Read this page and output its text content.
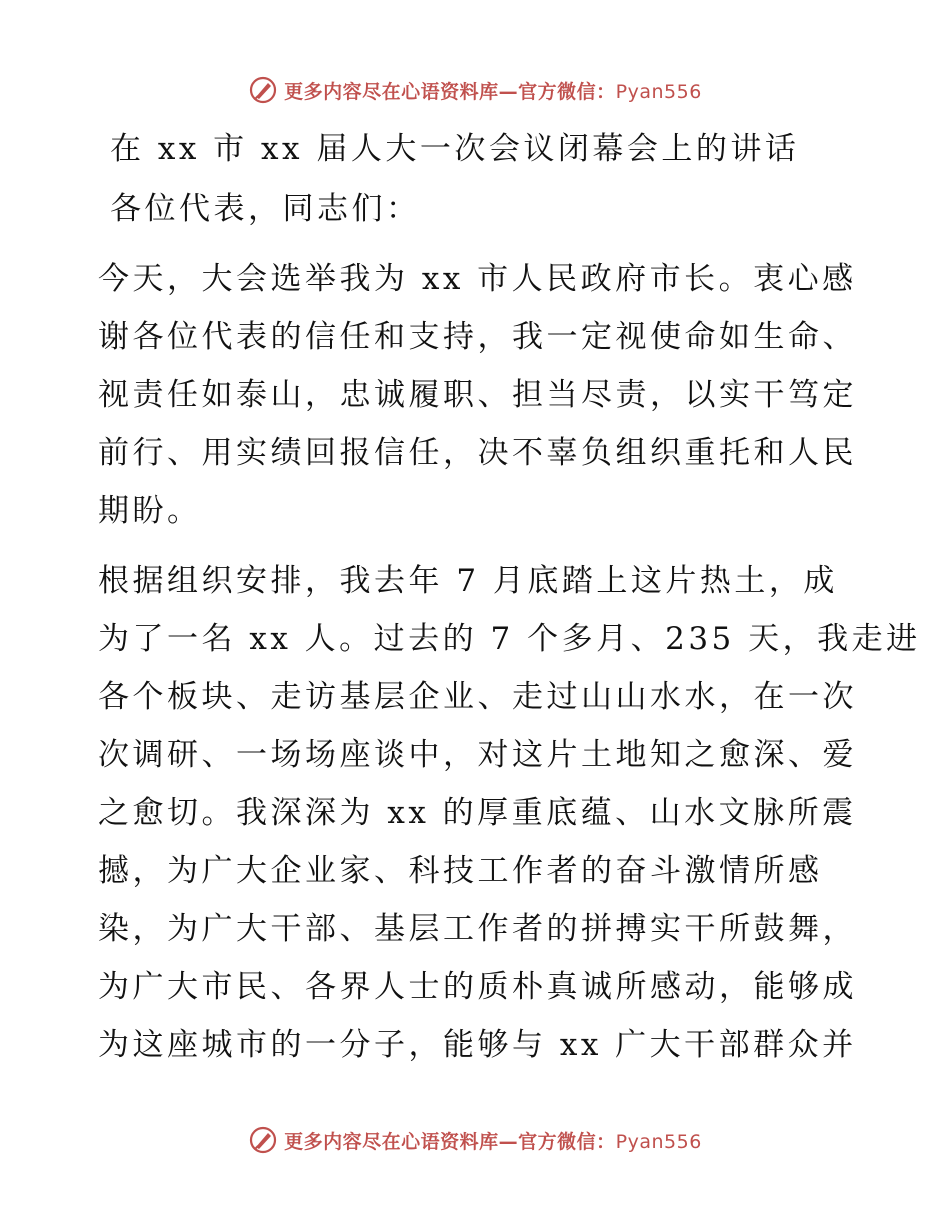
更多内容尽在心语资料库—官方微信：Pyan556
在 xx 市 xx 届人大一次会议闭幕会上的讲话
各位代表，同志们：
今天，大会选举我为 xx 市人民政府市长。衷心感
谢各位代表的信任和支持，我一定视使命如生命、
视责任如泰山，忠诚履职、担当尽责，以实干笃定
前行、用实绩回报信任，决不辜负组织重托和人民
期盼。
根据组织安排，我去年 7 月底踏上这片热土，成
为了一名 xx 人。过去的 7 个多月、235 天，我走进
各个板块、走访基层企业、走过山山水水，在一次
次调研、一场场座谈中，对这片土地知之愈深、爱
之愈切。我深深为 xx 的厚重底蕴、山水文脉所震
撼，为广大企业家、科技工作者的奋斗激情所感
染，为广大干部、基层工作者的拼搏实干所鼓舞，
为广大市民、各界人士的质朴真诚所感动，能够成
为这座城市的一分子，能够与 xx 广大干部群众并
更多内容尽在心语资料库—官方微信：Pyan556
